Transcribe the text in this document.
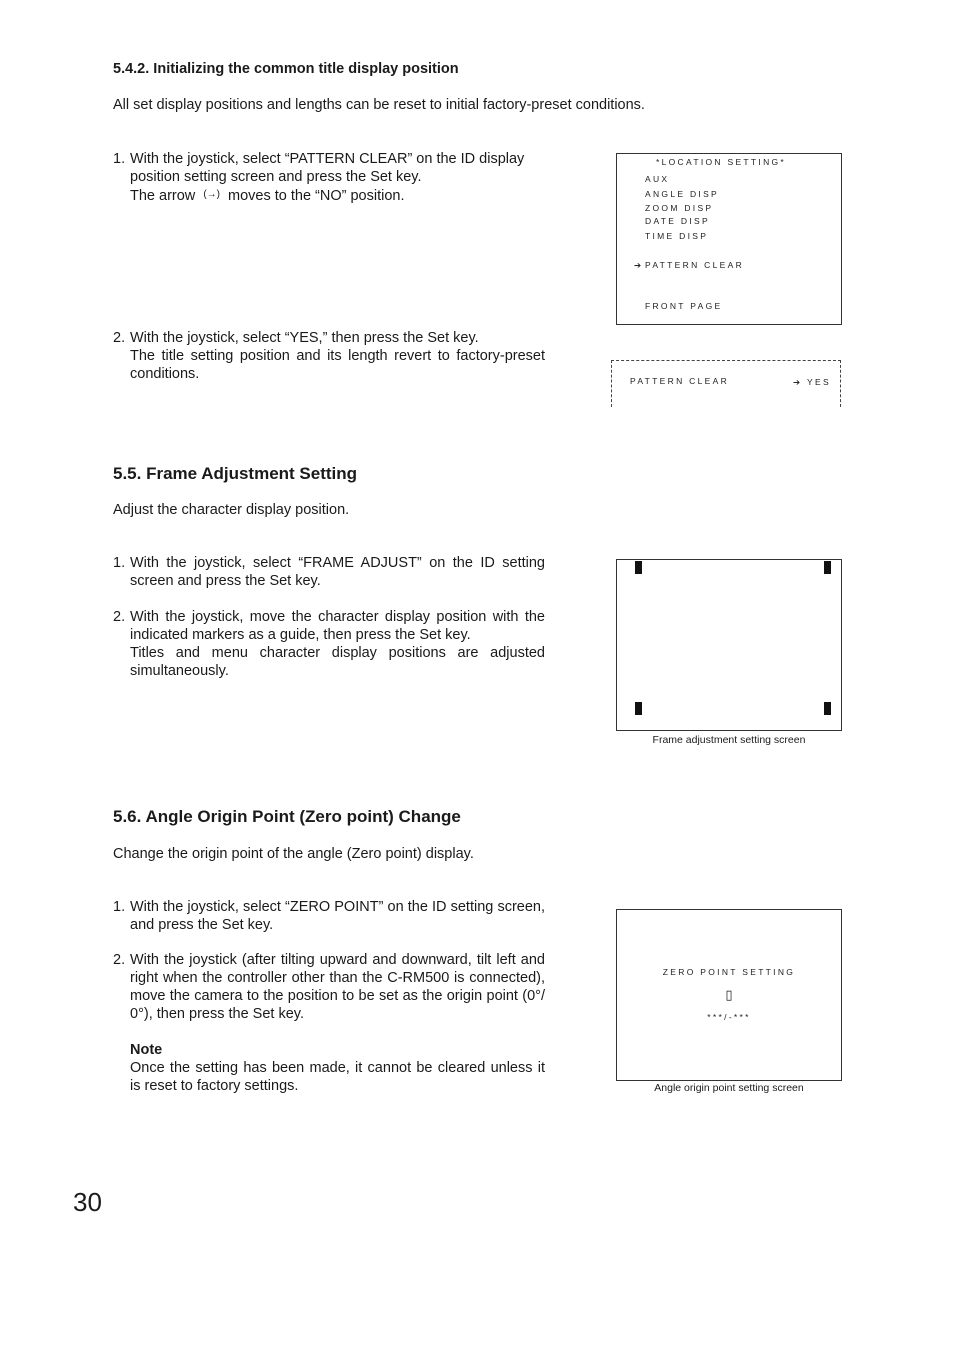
5.4.2. Initializing the common title display position
All set display positions and lengths can be reset to initial factory-preset conditions.
1. With the joystick, select “PATTERN CLEAR” on the ID display position setting screen and press the Set key.

The arrow (→) moves to the “NO” position.

2. With the joystick, select “YES,” then press the Set key.

The title setting position and its length revert to factory-preset conditions.

*LOCATION SETTING*
AUX
ANGLE DISP
ZOOM DISP
DATE DISP
TIME DISP
➔ PATTERN CLEAR
FRONT PAGE
PATTERN CLEAR	➔ YES
5.5. Frame Adjustment Setting
Adjust the character display position.
1. With the joystick, select “FRAME ADJUST” on the ID setting screen and press the Set key.

2. With the joystick, move the character display position with the indicated markers as a guide, then press the Set key.

Titles and menu character display positions are adjusted simultaneously.

Frame adjustment setting screen
5.6. Angle Origin Point (Zero point) Change
Change the origin point of the angle (Zero point) display.
1. With the joystick, select “ZERO POINT” on the ID setting screen, and press the Set key.

2. With the joystick (after tilting upward and downward, tilt left and right when the controller other than the C-RM500 is connected), move the camera to the position to be set as the origin point (0°/ 0°), then press the Set key.

Note

Once the setting has been made, it cannot be cleared unless it is reset to factory settings.

ZERO POINT SETTING
▯
***/-***
Angle origin point setting screen
30
